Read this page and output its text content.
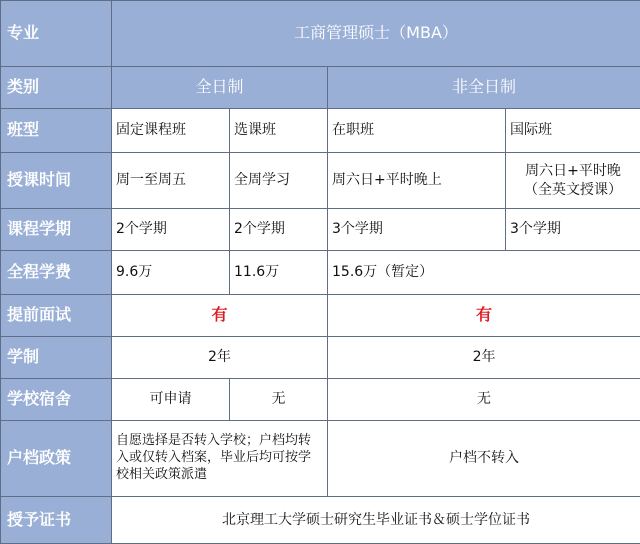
专业	工商管理硕士（MBA）			
类别	全日制		非全日制	
班型	固定课程班	选课班	在职班	国际班
授课时间	周一至周五	全周学习	周六日+平时晚上	周六日+平时晚
（全英文授课）
课程学期	2个学期	2个学期	3个学期	3个学期
全程学费	9.6万	11.6万	15.6万（暂定）	
提前面试	有		有	
学制	2年		2年	
学校宿舍	可申请	无	无	
户档政策	自愿选择是否转入学校；户档均转入或仅转入档案，毕业后均可按学校相关政策派遣		户档不转入	
授予证书	北京理工大学硕士研究生毕业证书＆硕士学位证书			
